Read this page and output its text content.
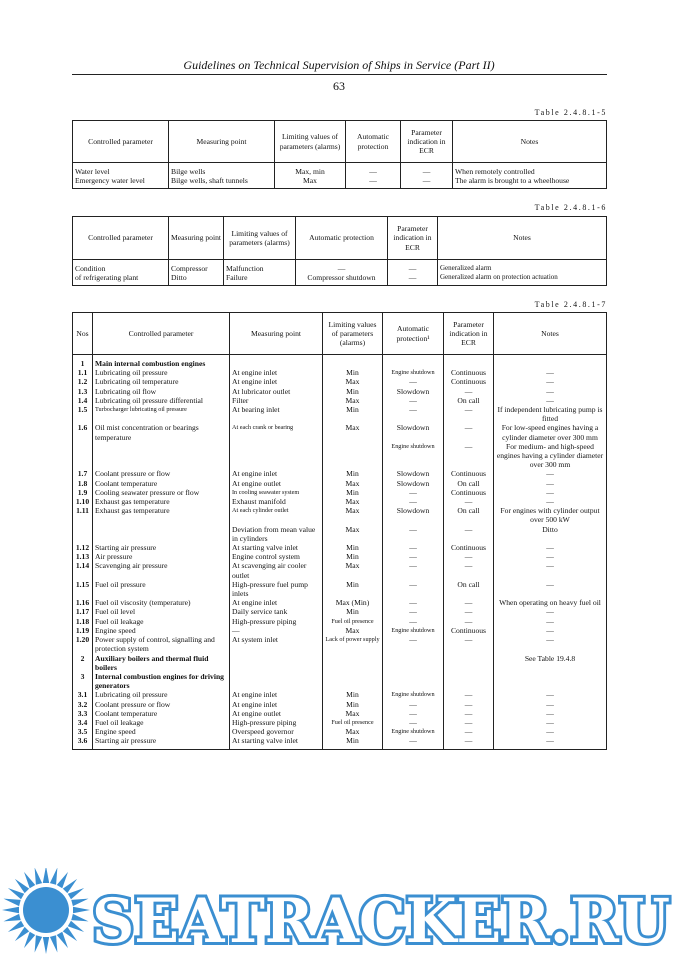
Guidelines on Technical Supervision of Ships in Service (Part II)
63
Table 2.4.8.1-5
Controlled parameter	Measuring point	Limiting values of parameters (alarms)	Automatic protection	Parameter indication in ECR	Notes
Water level	Bilge wells	Max, min	—	—	When remotely controlled
Emergency water level	Bilge wells, shaft tunnels	Max	—	—	The alarm is brought to a wheelhouse
Table 2.4.8.1-6
Controlled parameter	Measuring point	Limiting values of parameters (alarms)	Automatic protection	Parameter indication in ECR	Notes
Condition	Compressor	Malfunction	—	—	Generalized alarm
of refrigerating plant	Ditto	Failure	Compressor shutdown	—	Generalized alarm on protection actuation
Table 2.4.8.1-7
Nos	Controlled parameter	Measuring point	Limiting values of parameters (alarms)	Automatic protection¹	Parameter indication in ECR	Notes
1	Main internal combustion engines					
1.1	Lubricating oil pressure	At engine inlet	Min	Engine shutdown	Continuous	—
1.2	Lubricating oil temperature	At engine inlet	Max	—	Continuous	—
1.3	Lubricating oil flow	At lubricator outlet	Min	Slowdown	—	—
1.4	Lubricating oil pressure differential	Filter	Max	—	On call	—
1.5	Turbocharger lubricating oil pressure	At bearing inlet	Min	—	—	If independent lubricating pump is fitted
1.6	Oil mist concentration or bearings temperature	At each crank or bearing	Max	Slowdown	—	For low-speed engines having a cylinder diameter over 300 mm
				Engine shutdown	—	For medium- and high-speed engines having a cylinder diameter over 300 mm
1.7	Coolant pressure or flow	At engine inlet	Min	Slowdown	Continuous	—
1.8	Coolant temperature	At engine outlet	Max	Slowdown	On call	—
1.9	Cooling seawater pressure or flow	In cooling seawater system	Min	—	Continuous	—
1.10	Exhaust gas temperature	Exhaust manifold	Max	—	—	—
1.11	Exhaust gas temperature	At each cylinder outlet	Max	Slowdown	On call	For engines with cylinder output over 500 kW
		Deviation from mean value in cylinders	Max	—	—	Ditto
1.12	Starting air pressure	At starting valve inlet	Min	—	Continuous	—
1.13	Air pressure	Engine control system	Min	—	—	—
1.14	Scavenging air pressure	At scavenging air cooler outlet	Max	—	—	—
1.15	Fuel oil pressure	High-pressure fuel pump inlets	Min	—	On call	—
1.16	Fuel oil viscosity (temperature)	At engine inlet	Max (Min)	—	—	When operating on heavy fuel oil
1.17	Fuel oil level	Daily service tank	Min	—	—	—
1.18	Fuel oil leakage	High-pressure piping	Fuel oil presence	—	—	—
1.19	Engine speed	—	Max	Engine shutdown	Continuous	—
1.20	Power supply of control, signalling and protection system	At system inlet	Lack of power supply	—	—	—
2	Auxiliary boilers and thermal fluid boilers					See Table 19.4.8
3	Internal combustion engines for driving generators					
3.1	Lubricating oil pressure	At engine inlet	Min	Engine shutdown	—	—
3.2	Coolant pressure or flow	At engine inlet	Min	—	—	—
3.3	Coolant temperature	At engine outlet	Max	—	—	—
3.4	Fuel oil leakage	High-pressure piping	Fuel oil presence	—	—	—
3.5	Engine speed	Overspeed governor	Max	Engine shutdown	—	—
3.6	Starting air pressure	At starting valve inlet	Min	—	—	—
SEATRACKER.RU
